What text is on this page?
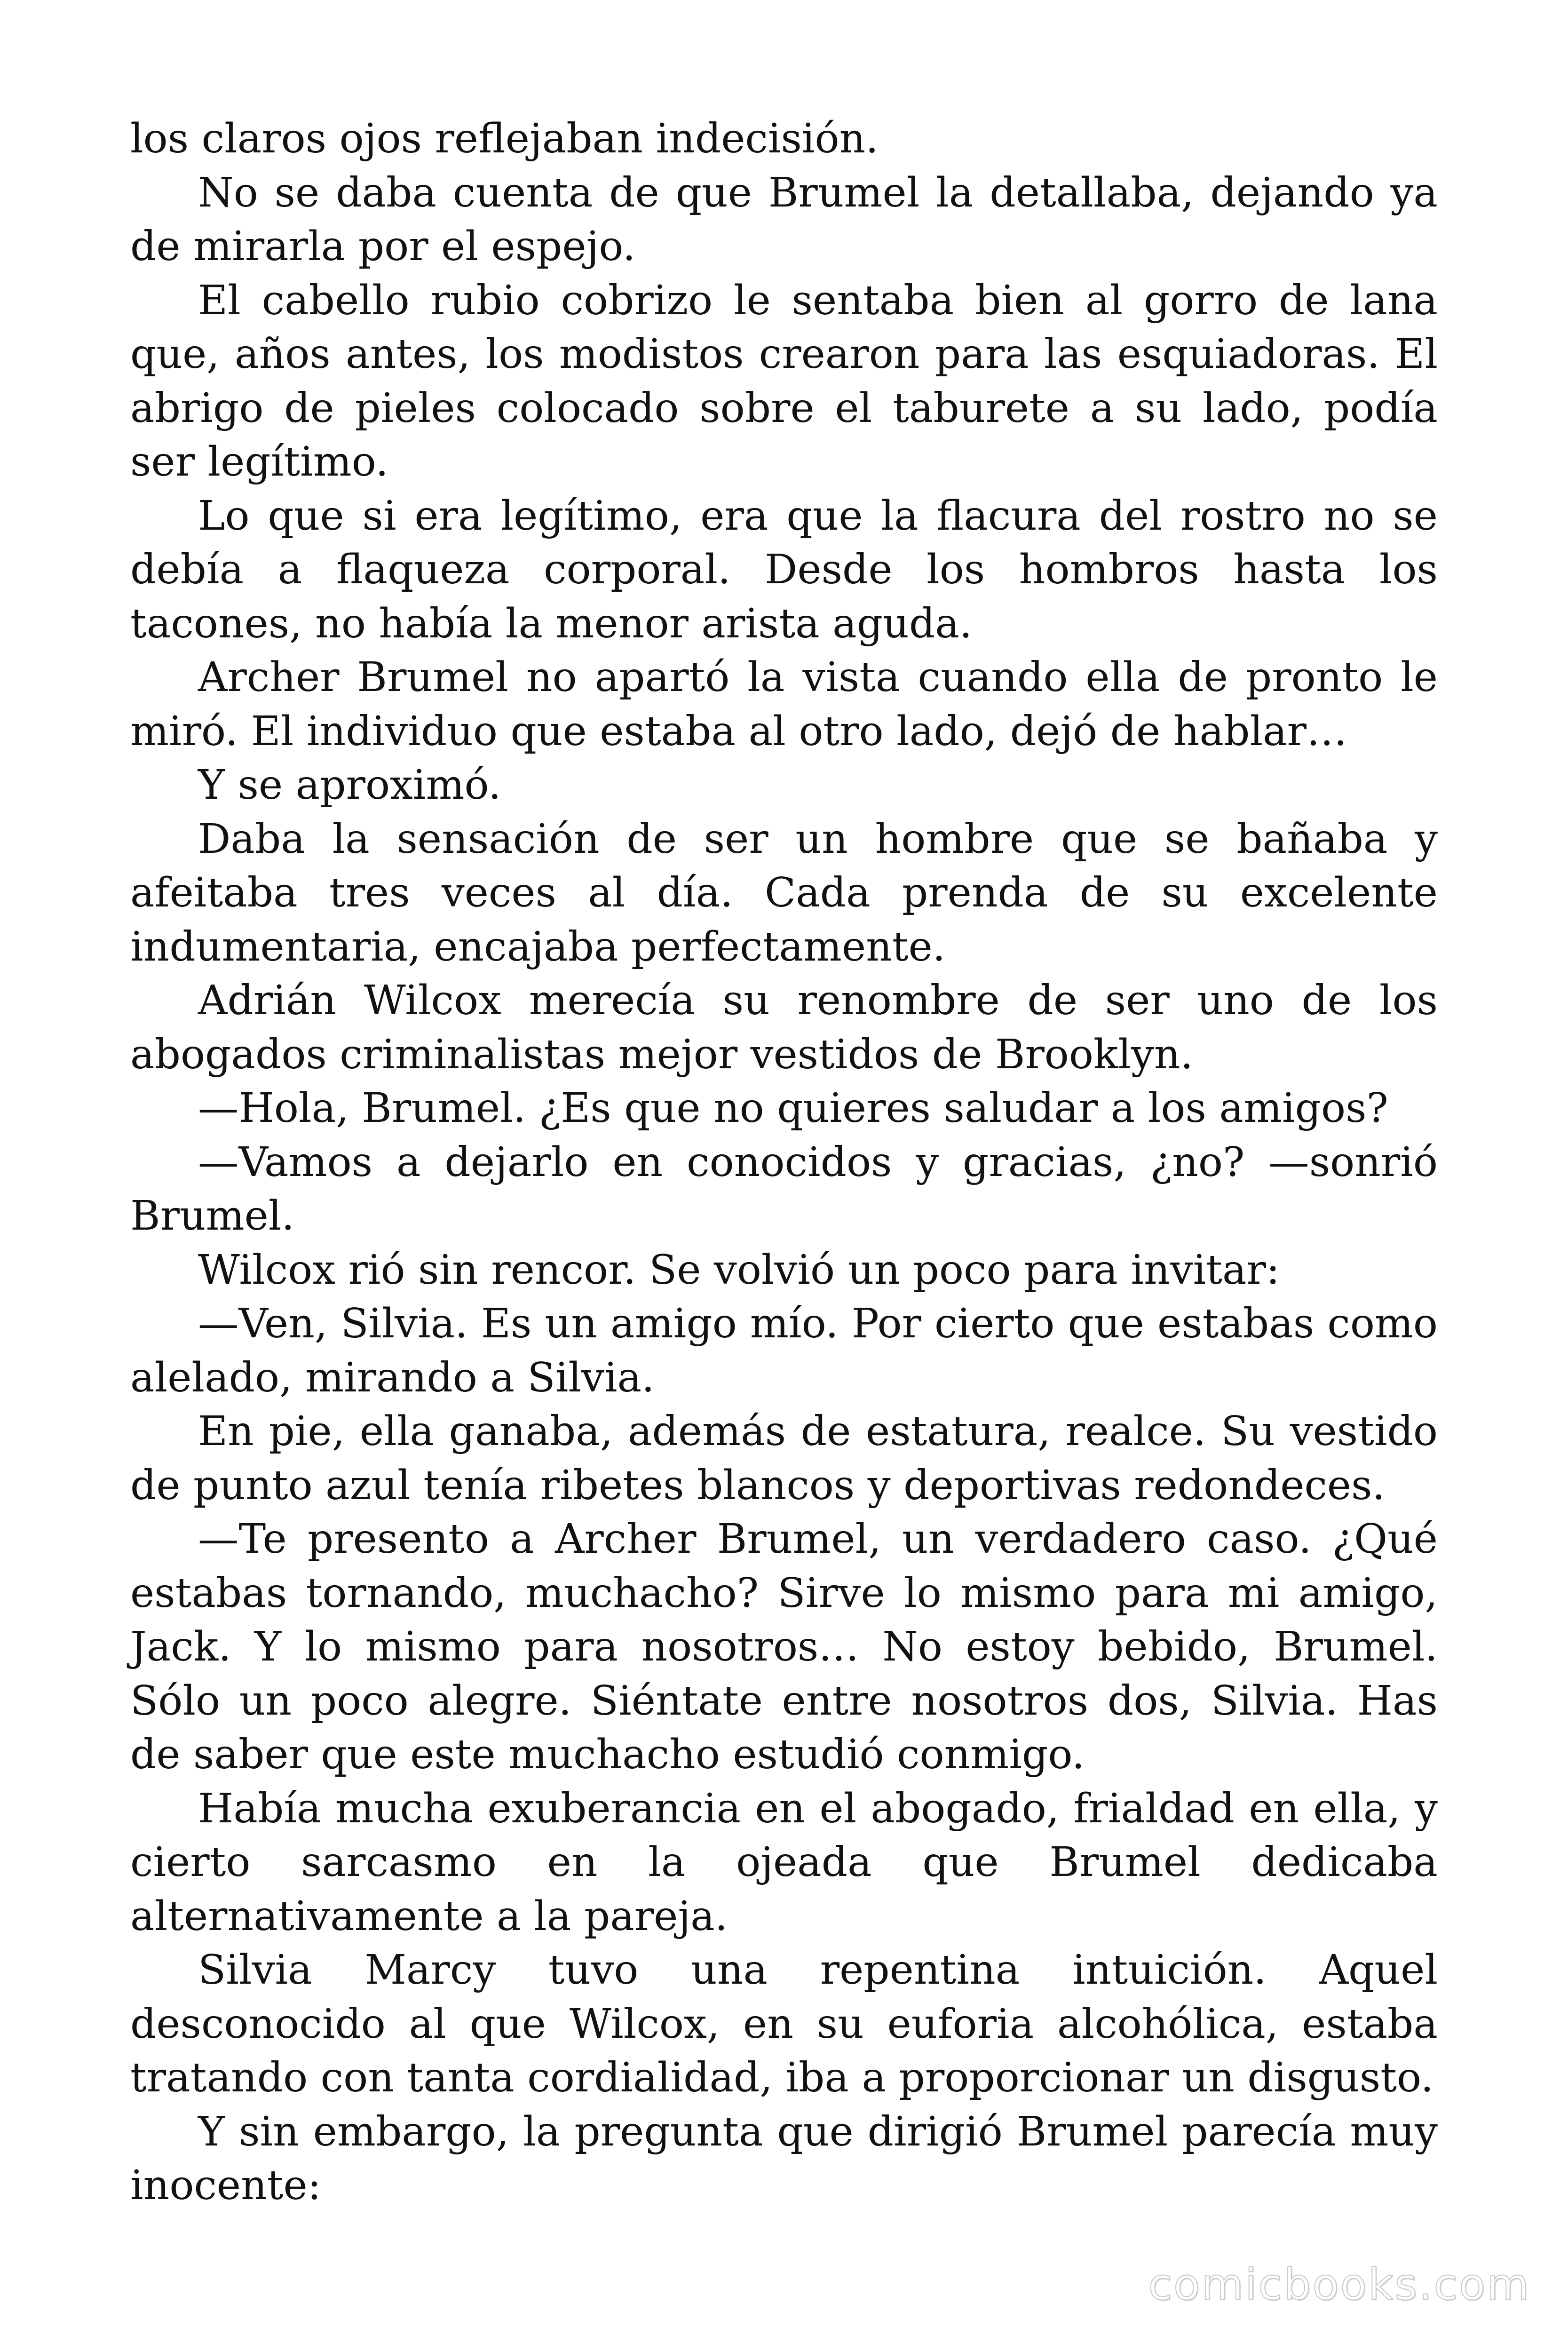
los claros ojos reflejaban indecisión.

No se daba cuenta de que Brumel la detallaba, dejando ya de mirarla por el espejo.

El cabello rubio cobrizo le sentaba bien al gorro de lana que, años antes, los modistos crearon para las esquiadoras. El abrigo de pieles colocado sobre el taburete a su lado, podía ser legítimo.

Lo que si era legítimo, era que la flacura del rostro no se debía a flaqueza corporal. Desde los hombros hasta los tacones, no había la menor arista aguda.

Archer Brumel no apartó la vista cuando ella de pronto le miró. El individuo que estaba al otro lado, dejó de hablar…

Y se aproximó.

Daba la sensación de ser un hombre que se bañaba y afeitaba tres veces al día. Cada prenda de su excelente indumentaria, encajaba perfectamente.

Adrián Wilcox merecía su renombre de ser uno de los abogados criminalistas mejor vestidos de Brooklyn.

—Hola, Brumel. ¿Es que no quieres saludar a los amigos?

—Vamos a dejarlo en conocidos y gracias, ¿no? —sonrió Brumel.

Wilcox rió sin rencor. Se volvió un poco para invitar:

—Ven, Silvia. Es un amigo mío. Por cierto que estabas como alelado, mirando a Silvia.

En pie, ella ganaba, además de estatura, realce. Su vestido de punto azul tenía ribetes blancos y deportivas redondeces.

—Te presento a Archer Brumel, un verdadero caso. ¿Qué estabas tornando, muchacho? Sirve lo mismo para mi amigo, Jack. Y lo mismo para nosotros… No estoy bebido, Brumel. Sólo un poco alegre. Siéntate entre nosotros dos, Silvia. Has de saber que este muchacho estudió conmigo.

Había mucha exuberancia en el abogado, frialdad en ella, y cierto sarcasmo en la ojeada que Brumel dedicaba alternativamente a la pareja.

Silvia Marcy tuvo una repentina intuición. Aquel desconocido al que Wilcox, en su euforia alcohólica, estaba tratando con tanta cordialidad, iba a proporcionar un disgusto.

Y sin embargo, la pregunta que dirigió Brumel parecía muy inocente:

comicbooks.com
